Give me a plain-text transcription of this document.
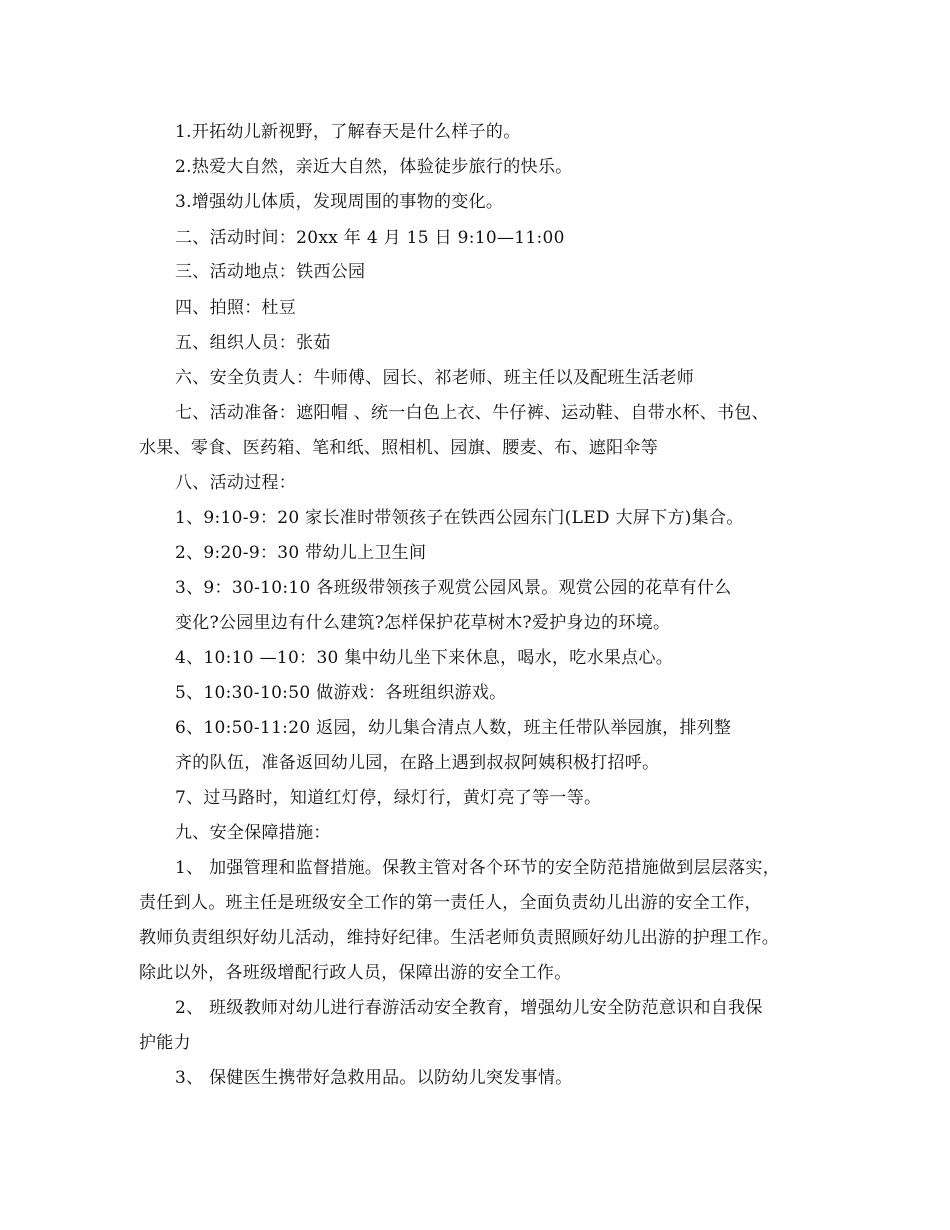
1.开拓幼儿新视野，了解春天是什么样子的。

2.热爱大自然，亲近大自然，体验徒步旅行的快乐。

3.增强幼儿体质，发现周围的事物的变化。

二、活动时间：20xx 年 4 月 15 日 9:10—11:00

三、活动地点：铁西公园

四、拍照：杜豆

五、组织人员：张茹

六、安全负责人：牛师傅、园长、祁老师、班主任以及配班生活老师

七、活动准备：遮阳帽 、统一白色上衣、牛仔裤、运动鞋、自带水杯、书包、

水果、零食、医药箱、笔和纸、照相机、园旗、腰麦、布、遮阳伞等

八、活动过程：

1、9:10-9：20 家长准时带领孩子在铁西公园东门(LED 大屏下方)集合。

2、9:20-9：30 带幼儿上卫生间

3、9：30-10:10 各班级带领孩子观赏公园风景。观赏公园的花草有什么

变化?公园里边有什么建筑?怎样保护花草树木?爱护身边的环境。

4、10:10 —10：30 集中幼儿坐下来休息，喝水，吃水果点心。

5、10:30-10:50 做游戏：各班组织游戏。

6、10:50-11:20 返园，幼儿集合清点人数，班主任带队举园旗，排列整

齐的队伍，准备返回幼儿园，在路上遇到叔叔阿姨积极打招呼。

7、过马路时，知道红灯停，绿灯行，黄灯亮了等一等。

九、安全保障措施：

1、 加强管理和监督措施。保教主管对各个环节的安全防范措施做到层层落实，

责任到人。班主任是班级安全工作的第一责任人，全面负责幼儿出游的安全工作，

教师负责组织好幼儿活动，维持好纪律。生活老师负责照顾好幼儿出游的护理工作。

除此以外，各班级增配行政人员，保障出游的安全工作。

2、 班级教师对幼儿进行春游活动安全教育，增强幼儿安全防范意识和自我保

护能力

3、 保健医生携带好急救用品。以防幼儿突发事情。
